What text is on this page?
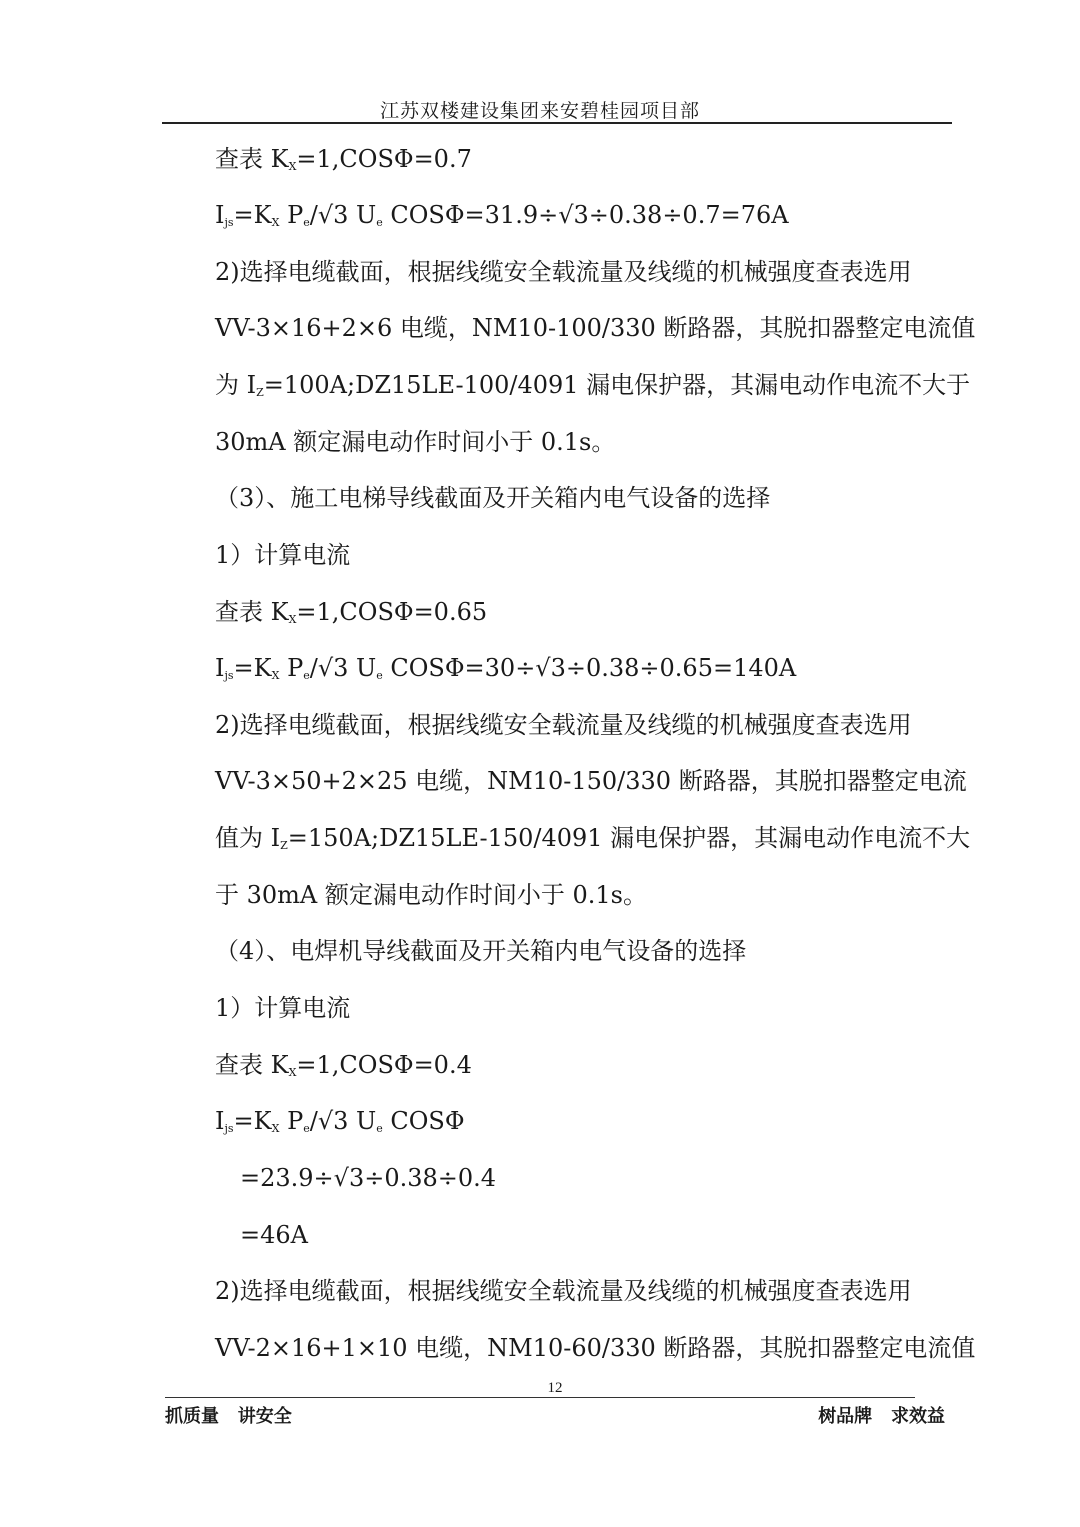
江苏双楼建设集团来安碧桂园项目部
查表 $K_X=1,COS\Phi=0.7$
$I_{js}=K_X$ $P_e/√3$ $U_e$ COSΦ=31.9÷√3÷0.38÷0.7=76A
2)选择电缆截面，根据线缆安全载流量及线缆的机械强度查表选用
VV-3×16+2×6 电缆，NM10-100/330 断路器，其脱扣器整定电流值
为 $I_Z=100A;DZ15LE-100/4091$ 漏电保护器，其漏电动作电流不大于
30mA 额定漏电动作时间小于 0.1s。
（3）、施工电梯导线截面及开关箱内电气设备的选择
1）计算电流
查表 $K_X=1,COS\Phi=0.65$
$I_{js}=K_X$ $P_e/√3$ $U_e$ COSΦ=30÷√3÷0.38÷0.65=140A
2)选择电缆截面，根据线缆安全载流量及线缆的机械强度查表选用
VV-3×50+2×25 电缆，NM10-150/330 断路器，其脱扣器整定电流
值为 $I_Z=150A;DZ15LE-150/4091$ 漏电保护器，其漏电动作电流不大
于 30mA 额定漏电动作时间小于 0.1s。
（4）、电焊机导线截面及开关箱内电气设备的选择
1）计算电流
查表 $K_X=1,COS\Phi=0.4$
$I_{js}=K_X$ $P_e/√3$ $U_e$ COSΦ
=23.9÷√3÷0.38÷0.4
=46A
2)选择电缆截面，根据线缆安全载流量及线缆的机械强度查表选用
VV-2×16+1×10 电缆，NM10-60/330 断路器，其脱扣器整定电流值
12
抓质量   讲安全	树品牌   求效益
